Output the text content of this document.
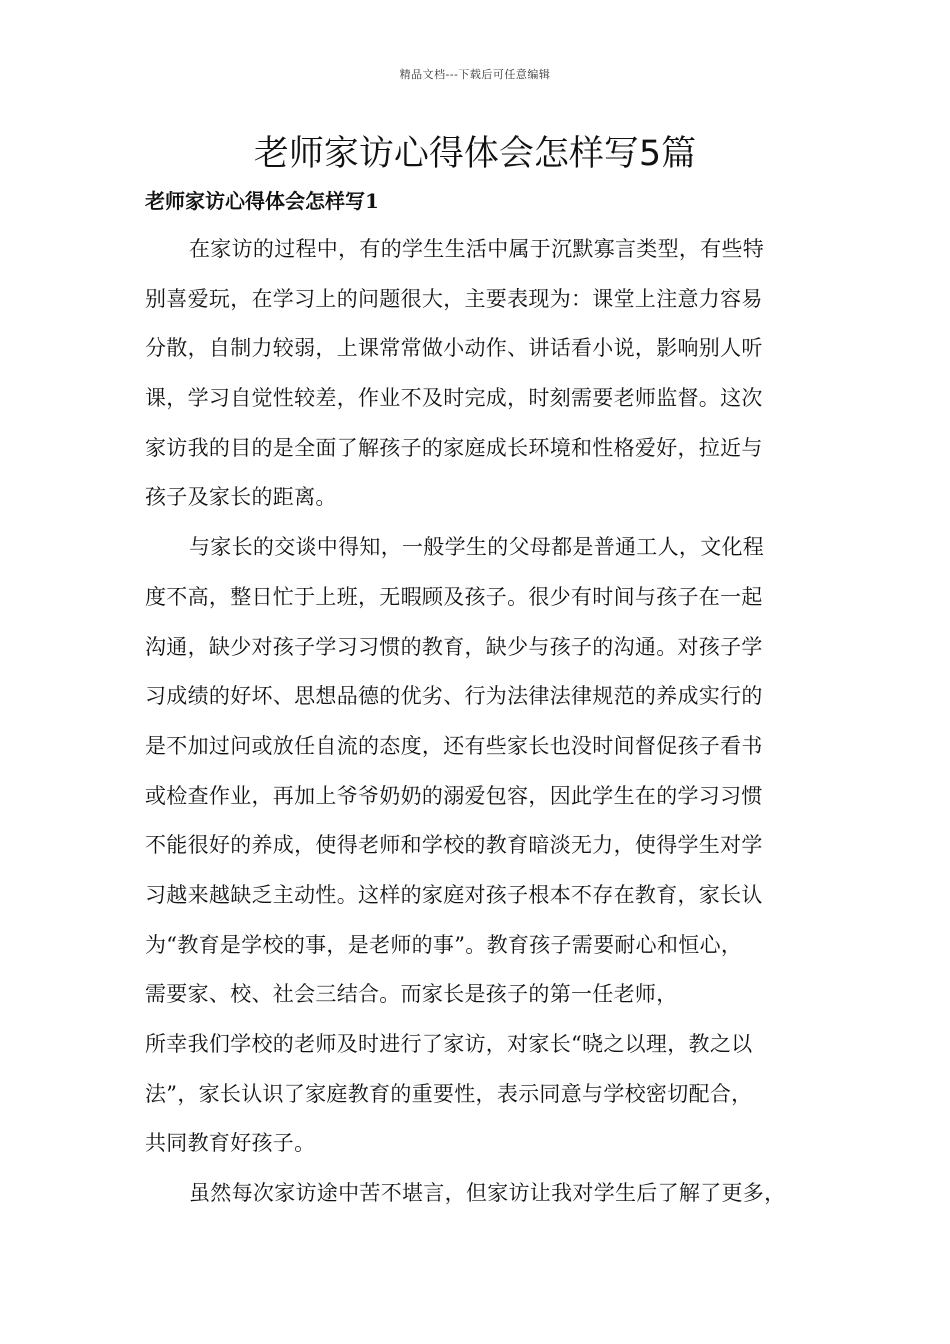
精品文档---下载后可任意编辑
老师家访心得体会怎样写5篇
老师家访心得体会怎样写1
在家访的过程中，有的学生生活中属于沉默寡言类型，有些特
别喜爱玩，在学习上的问题很大，主要表现为：课堂上注意力容易
分散，自制力较弱，上课常常做小动作、讲话看小说，影响别人听
课，学习自觉性较差，作业不及时完成，时刻需要老师监督。这次
家访我的目的是全面了解孩子的家庭成长环境和性格爱好，拉近与
孩子及家长的距离。
与家长的交谈中得知，一般学生的父母都是普通工人，文化程
度不高，整日忙于上班，无暇顾及孩子。很少有时间与孩子在一起
沟通，缺少对孩子学习习惯的教育，缺少与孩子的沟通。对孩子学
习成绩的好坏、思想品德的优劣、行为法律法律规范的养成实行的
是不加过问或放任自流的态度，还有些家长也没时间督促孩子看书
或检查作业，再加上爷爷奶奶的溺爱包容，因此学生在的学习习惯
不能很好的养成，使得老师和学校的教育暗淡无力，使得学生对学
习越来越缺乏主动性。这样的家庭对孩子根本不存在教育，家长认
为“教育是学校的事，是老师的事”。教育孩子需要耐心和恒心，
需要家、校、社会三结合。而家长是孩子的第一任老师，
所幸我们学校的老师及时进行了家访，对家长“晓之以理，教之以
法”，家长认识了家庭教育的重要性，表示同意与学校密切配合，
共同教育好孩子。
虽然每次家访途中苦不堪言，但家访让我对学生后了解了更多，
